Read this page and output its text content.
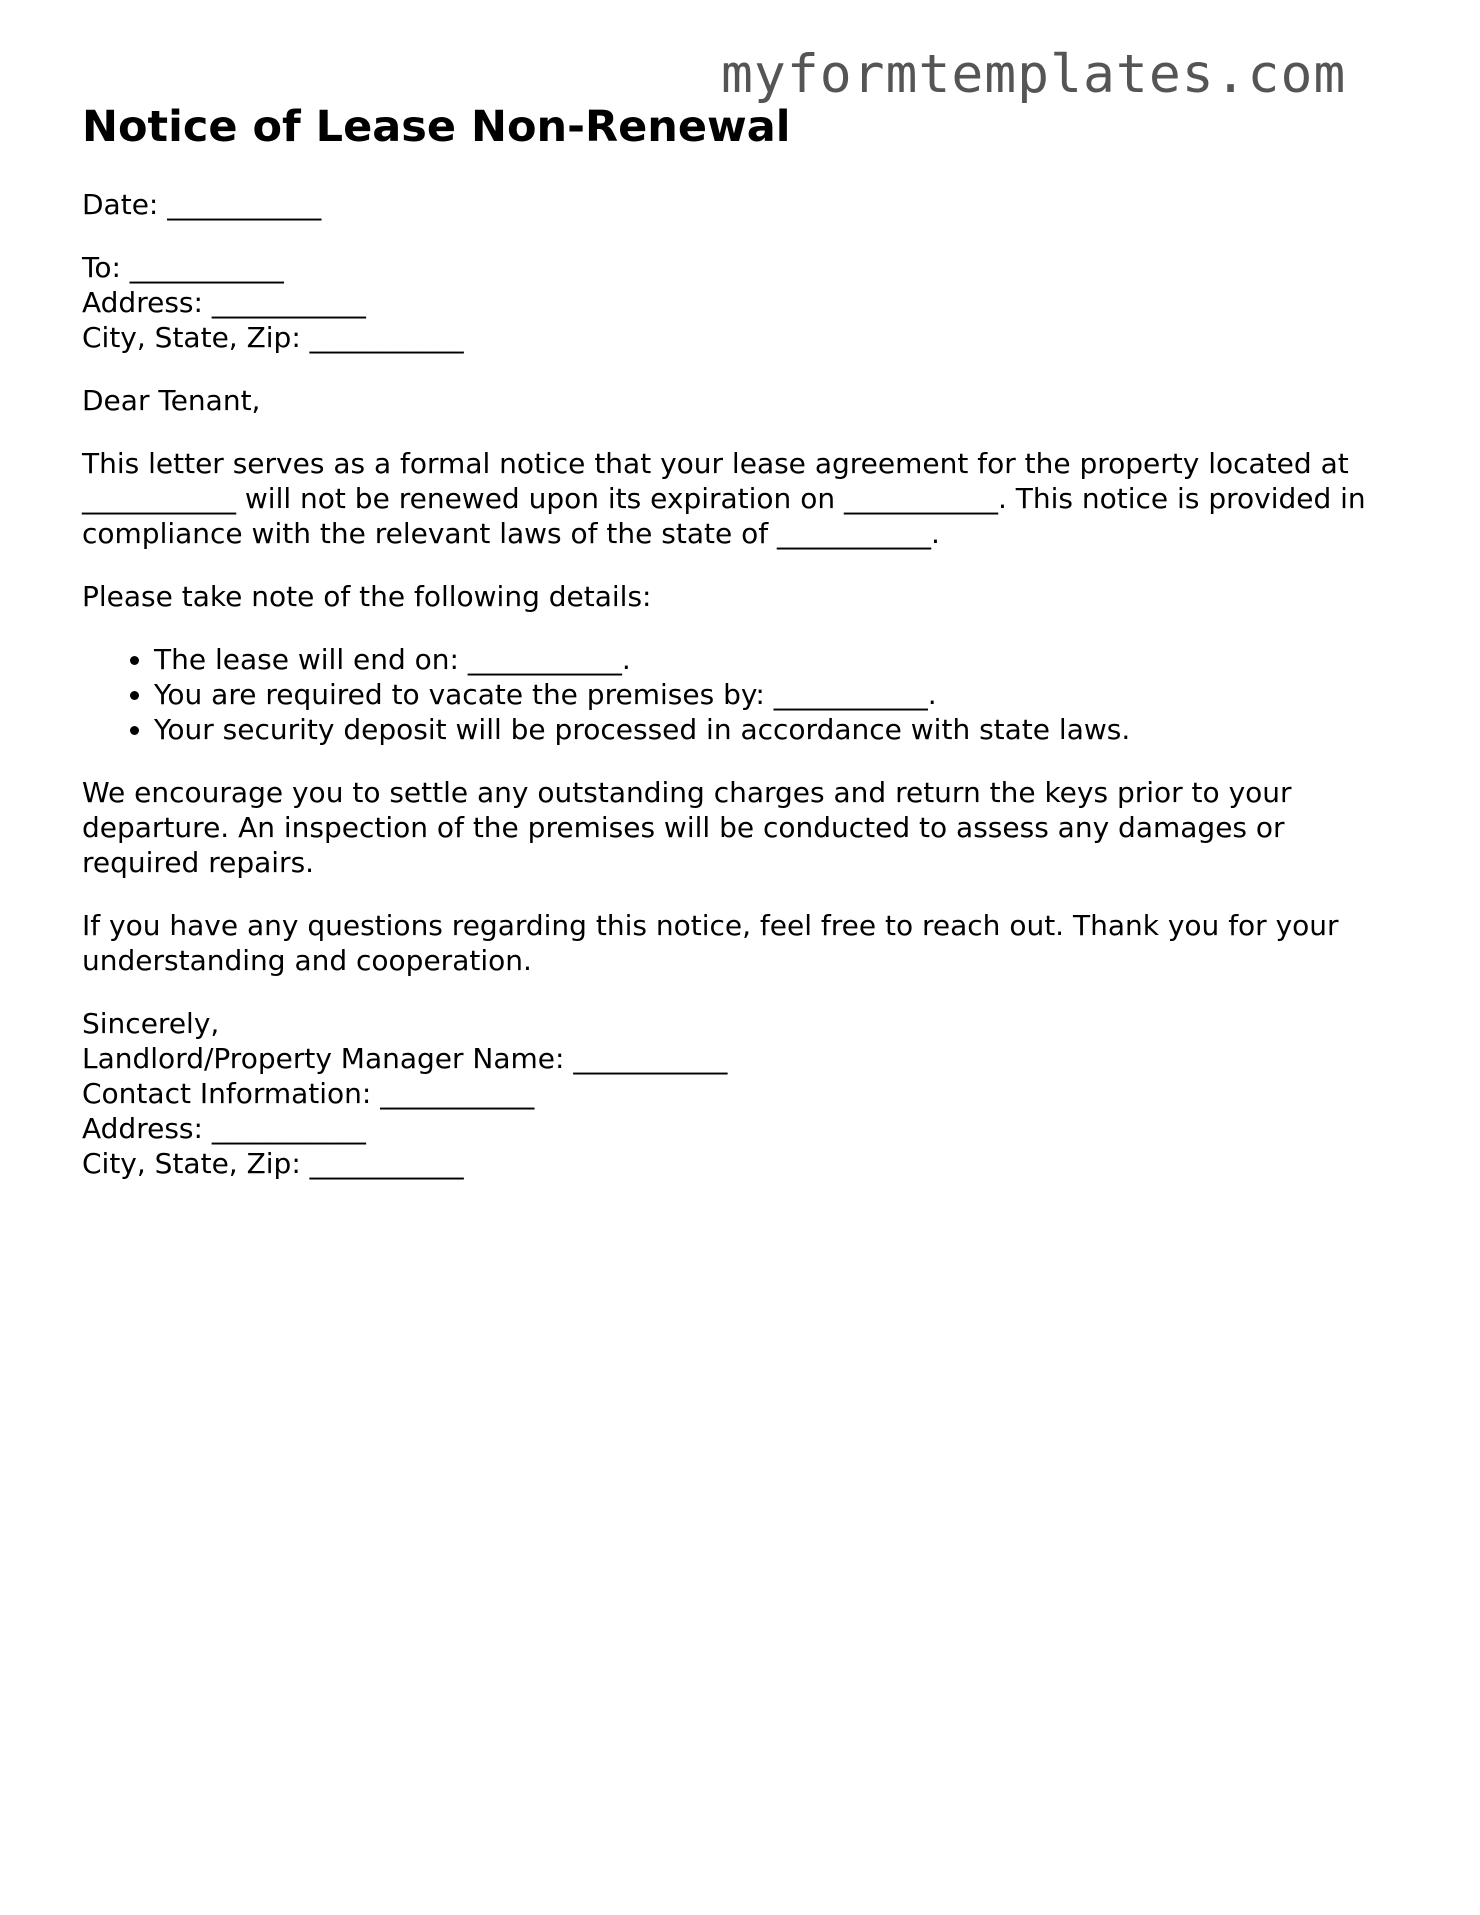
myformtemplates.com
Notice of Lease Non-Renewal

Date: ___________

To: ___________
Address: ___________
City, State, Zip: ___________

Dear Tenant,

This letter serves as a formal notice that your lease agreement for the property located at ___________ will not be renewed upon its expiration on ___________. This notice is provided in compliance with the relevant laws of the state of ___________.

Please take note of the following details:

• The lease will end on: ___________.
• You are required to vacate the premises by: ___________.
• Your security deposit will be processed in accordance with state laws.

We encourage you to settle any outstanding charges and return the keys prior to your departure. An inspection of the premises will be conducted to assess any damages or required repairs.

If you have any questions regarding this notice, feel free to reach out. Thank you for your understanding and cooperation.

Sincerely,
Landlord/Property Manager Name: ___________
Contact Information: ___________
Address: ___________
City, State, Zip: ___________
